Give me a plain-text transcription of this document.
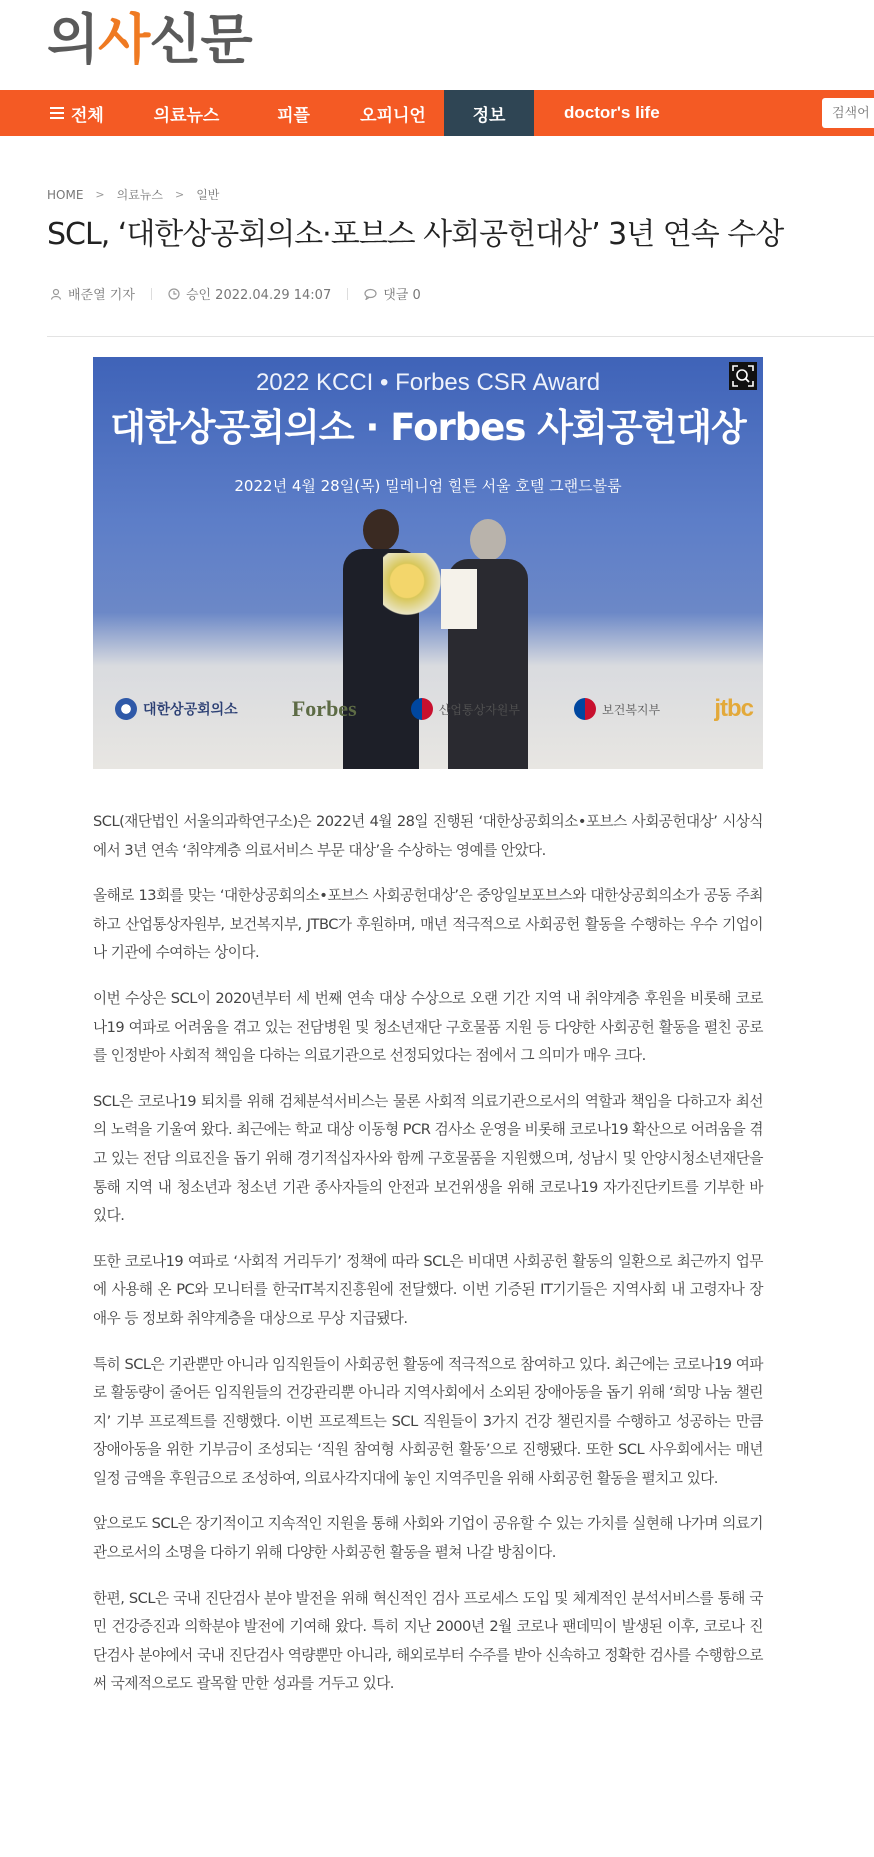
의 사 신 문
전체	의료뉴스	피플	오피니언	정보	doctor's life
검색어
HOME > 의료뉴스 > 일반
SCL, ‘대한상공회의소·포브스 사회공헌대상’ 3년 연속 수상
배준열 기자	승인 2022.04.29 14:07	댓글 0
2022 KCCI • Forbes CSR Award
대한상공회의소 · Forbes 사회공헌대상
2022년 4월 28일(목) 밀레니엄 힐튼 서울 호텔 그랜드볼룸
대한상공회의소 Forbes	산업통상자원부	보건복지부 jtbc

SCL(재단법인 서울의과학연구소)은 2022년 4월 28일 진행된 ‘대한상공회의소•포브스 사회공헌대상’ 시상식에서 3년 연속 ‘취약계층 의료서비스 부문 대상’을 수상하는 영예를 안았다.

올해로 13회를 맞는 ‘대한상공회의소•포브스 사회공헌대상’은 중앙일보포브스와 대한상공회의소가 공동 주최하고 산업통상자원부, 보건복지부, JTBC가 후원하며, 매년 적극적으로 사회공헌 활동을 수행하는 우수 기업이나 기관에 수여하는 상이다.

이번 수상은 SCL이 2020년부터 세 번째 연속 대상 수상으로 오랜 기간 지역 내 취약계층 후원을 비롯해 코로나19 여파로 어려움을 겪고 있는 전담병원 및 청소년재단 구호물품 지원 등 다양한 사회공헌 활동을 펼친 공로를 인정받아 사회적 책임을 다하는 의료기관으로 선정되었다는 점에서 그 의미가 매우 크다.

SCL은 코로나19 퇴치를 위해 검체분석서비스는 물론 사회적 의료기관으로서의 역할과 책임을 다하고자 최선의 노력을 기울여 왔다. 최근에는 학교 대상 이동형 PCR 검사소 운영을 비롯해 코로나19 확산으로 어려움을 겪고 있는 전담 의료진을 돕기 위해 경기적십자사와 함께 구호물품을 지원했으며, 성남시 및 안양시청소년재단을 통해 지역 내 청소년과 청소년 기관 종사자들의 안전과 보건위생을 위해 코로나19 자가진단키트를 기부한 바 있다.

또한 코로나19 여파로 ‘사회적 거리두기’ 정책에 따라 SCL은 비대면 사회공헌 활동의 일환으로 최근까지 업무에 사용해 온 PC와 모니터를 한국IT복지진흥원에 전달했다. 이번 기증된 IT기기들은 지역사회 내 고령자나 장애우 등 정보화 취약계층을 대상으로 무상 지급됐다.

특히 SCL은 기관뿐만 아니라 임직원들이 사회공헌 활동에 적극적으로 참여하고 있다. 최근에는 코로나19 여파로 활동량이 줄어든 임직원들의 건강관리뿐 아니라 지역사회에서 소외된 장애아동을 돕기 위해 ‘희망 나눔 챌린지’ 기부 프로젝트를 진행했다. 이번 프로젝트는 SCL 직원들이 3가지 건강 챌린지를 수행하고 성공하는 만큼 장애아동을 위한 기부금이 조성되는 ‘직원 참여형 사회공헌 활동’으로 진행됐다. 또한 SCL 사우회에서는 매년 일정 금액을 후원금으로 조성하여, 의료사각지대에 놓인 지역주민을 위해 사회공헌 활동을 펼치고 있다.

앞으로도 SCL은 장기적이고 지속적인 지원을 통해 사회와 기업이 공유할 수 있는 가치를 실현해 나가며 의료기관으로서의 소명을 다하기 위해 다양한 사회공헌 활동을 펼쳐 나갈 방침이다.

한편, SCL은 국내 진단검사 분야 발전을 위해 혁신적인 검사 프로세스 도입 및 체계적인 분석서비스를 통해 국민 건강증진과 의학분야 발전에 기여해 왔다. 특히 지난 2000년 2월 코로나 팬데믹이 발생된 이후, 코로나 진단검사 분야에서 국내 진단검사 역량뿐만 아니라, 해외로부터 수주를 받아 신속하고 정확한 검사를 수행함으로써 국제적으로도 괄목할 만한 성과를 거두고 있다.
